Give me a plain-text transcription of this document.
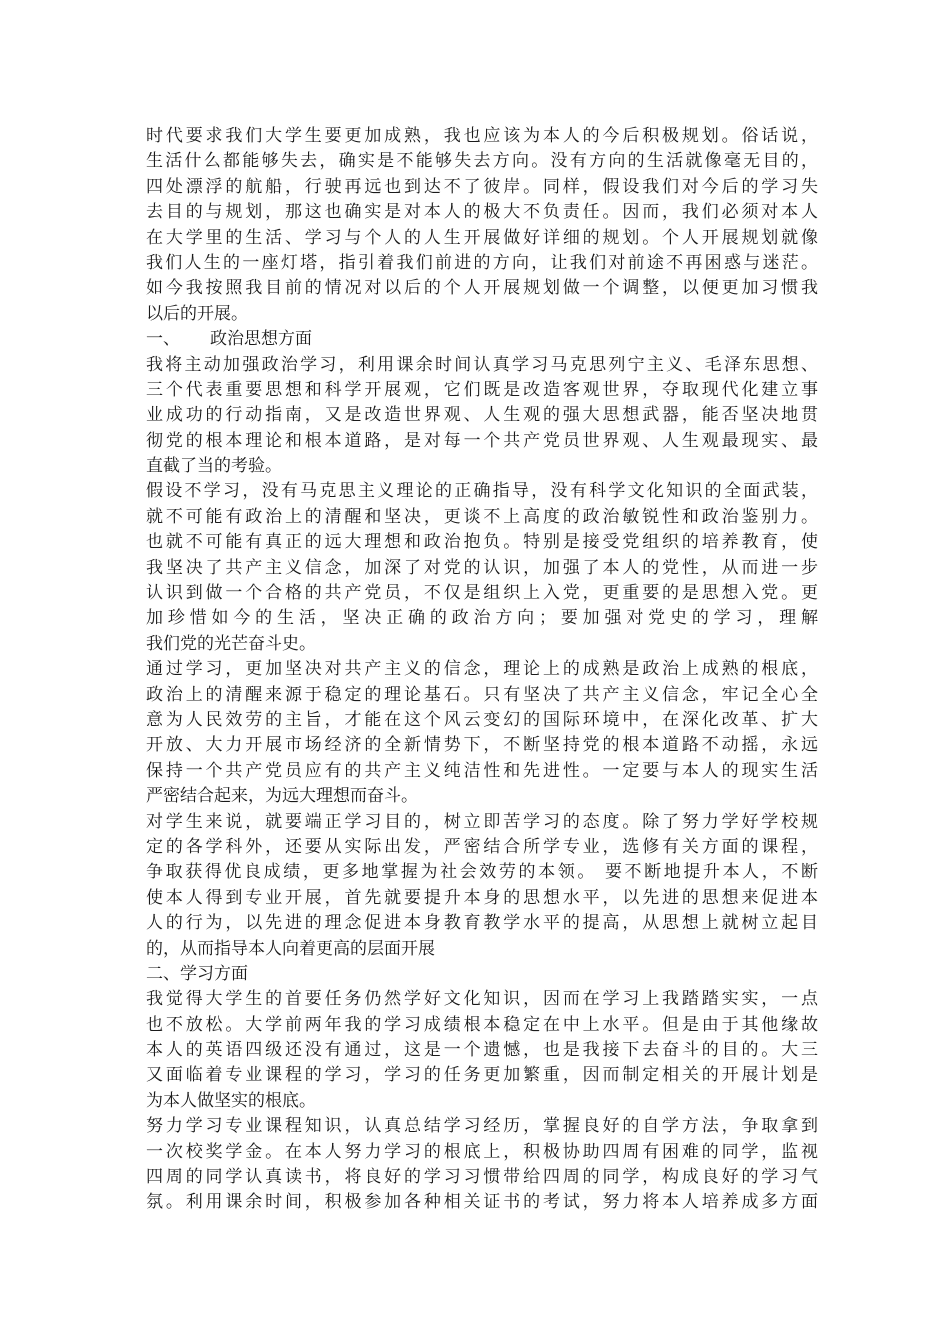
时代要求我们大学生要更加成熟，我也应该为本人的今后积极规划。俗话说，
生活什么都能够失去，确实是不能够失去方向。没有方向的生活就像毫无目的，
四处漂浮的航船，行驶再远也到达不了彼岸。同样，假设我们对今后的学习失
去目的与规划，那这也确实是对本人的极大不负责任。因而，我们必须对本人
在大学里的生活、学习与个人的人生开展做好详细的规划。个人开展规划就像
我们人生的一座灯塔，指引着我们前进的方向，让我们对前途不再困惑与迷茫。
如今我按照我目前的情况对以后的个人开展规划做一个调整，以便更加习惯我
以后的开展。
一、 政治思想方面
我将主动加强政治学习，利用课余时间认真学习马克思列宁主义、毛泽东思想、
三个代表重要思想和科学开展观，它们既是改造客观世界，夺取现代化建立事
业成功的行动指南，又是改造世界观、人生观的强大思想武器，能否坚决地贯
彻党的根本理论和根本道路，是对每一个共产党员世界观、人生观最现实、最
直截了当的考验。
假设不学习，没有马克思主义理论的正确指导，没有科学文化知识的全面武装，
就不可能有政治上的清醒和坚决，更谈不上高度的政治敏锐性和政治鉴别力。
也就不可能有真正的远大理想和政治抱负。特别是接受党组织的培养教育，使
我坚决了共产主义信念，加深了对党的认识，加强了本人的党性，从而进一步
认识到做一个合格的共产党员，不仅是组织上入党，更重要的是思想入党。更
加珍惜如今的生活，坚决正确的政治方向；要加强对党史的学习，理解
我们党的光芒奋斗史。
通过学习，更加坚决对共产主义的信念，理论上的成熟是政治上成熟的根底，
政治上的清醒来源于稳定的理论基石。只有坚决了共产主义信念，牢记全心全
意为人民效劳的主旨，才能在这个风云变幻的国际环境中，在深化改革、扩大
开放、大力开展市场经济的全新情势下，不断坚持党的根本道路不动摇，永远
保持一个共产党员应有的共产主义纯洁性和先进性。一定要与本人的现实生活
严密结合起来，为远大理想而奋斗。
对学生来说，就要端正学习目的，树立即苦学习的态度。除了努力学好学校规
定的各学科外，还要从实际出发，严密结合所学专业，选修有关方面的课程，
争取获得优良成绩，更多地掌握为社会效劳的本领。 要不断地提升本人，不断
使本人得到专业开展，首先就要提升本身的思想水平，以先进的思想来促进本
人的行为，以先进的理念促进本身教育教学水平的提高，从思想上就树立起目
的，从而指导本人向着更高的层面开展
二、学习方面
我觉得大学生的首要任务仍然学好文化知识，因而在学习上我踏踏实实，一点
也不放松。大学前两年我的学习成绩根本稳定在中上水平。但是由于其他缘故
本人的英语四级还没有通过，这是一个遗憾，也是我接下去奋斗的目的。大三
又面临着专业课程的学习，学习的任务更加繁重，因而制定相关的开展计划是
为本人做坚实的根底。
努力学习专业课程知识，认真总结学习经历，掌握良好的自学方法，争取拿到
一次校奖学金。在本人努力学习的根底上，积极协助四周有困难的同学，监视
四周的同学认真读书，将良好的学习习惯带给四周的同学，构成良好的学习气
氛。利用课余时间，积极参加各种相关证书的考试，努力将本人培养成多方面
